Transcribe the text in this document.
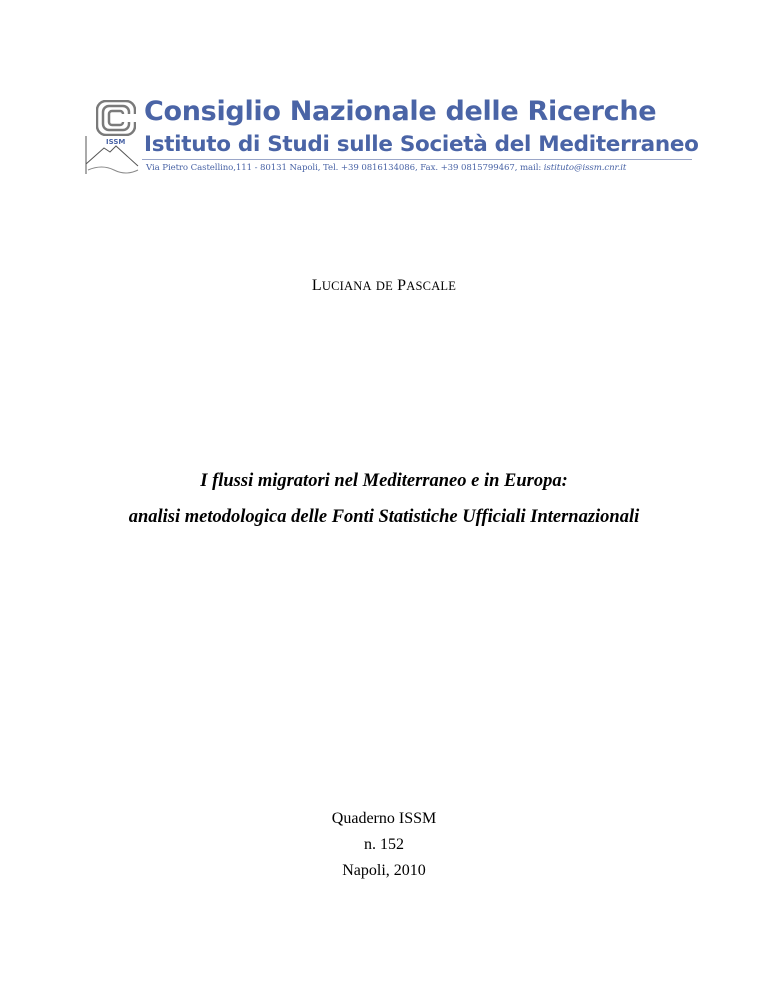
ISSM
Consiglio Nazionale delle Ricerche
Istituto di Studi sulle Società del Mediterraneo
Via Pietro Castellino,111 - 80131 Napoli, Tel. +39 0816134086, Fax. +39 0815799467, mail: istituto@issm.cnr.it
LUCIANA DE PASCALE
I flussi migratori nel Mediterraneo e in Europa:
analisi metodologica delle Fonti Statistiche Ufficiali Internazionali
Quaderno ISSM
n. 152
Napoli, 2010
